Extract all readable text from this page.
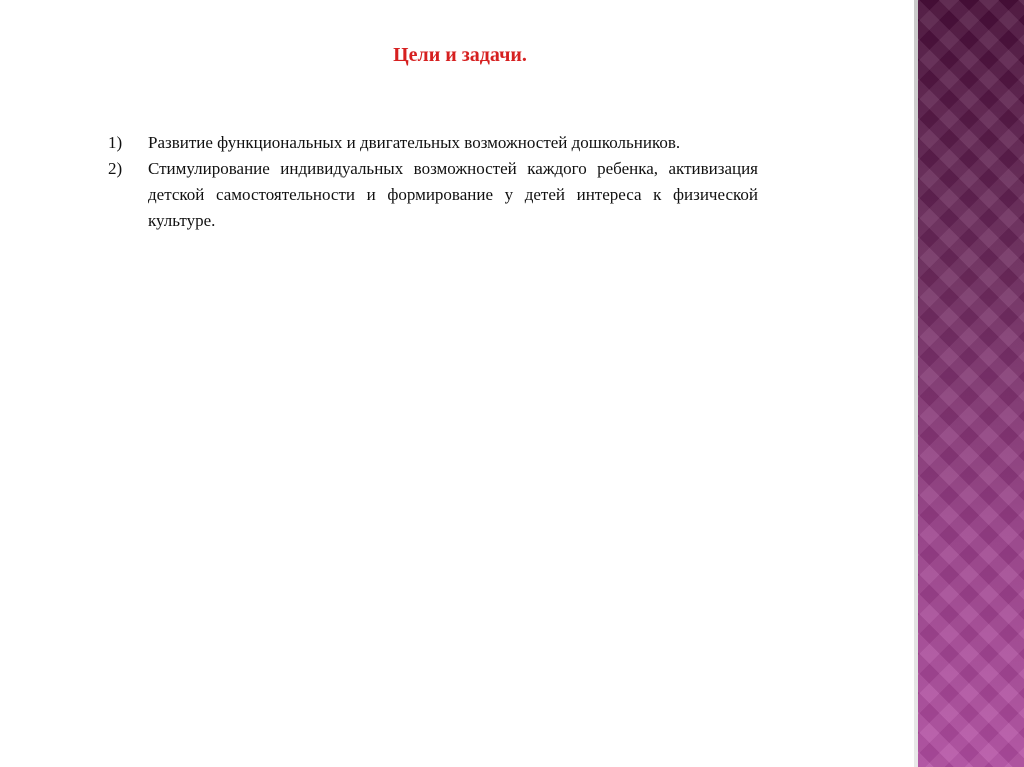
Цели и задачи.
1)	Развитие функциональных и двигательных возможностей дошкольников.
2)	Стимулирование индивидуальных возможностей каждого ребенка, активизация детской самостоятельности и формирование у детей интереса к физической культуре.
